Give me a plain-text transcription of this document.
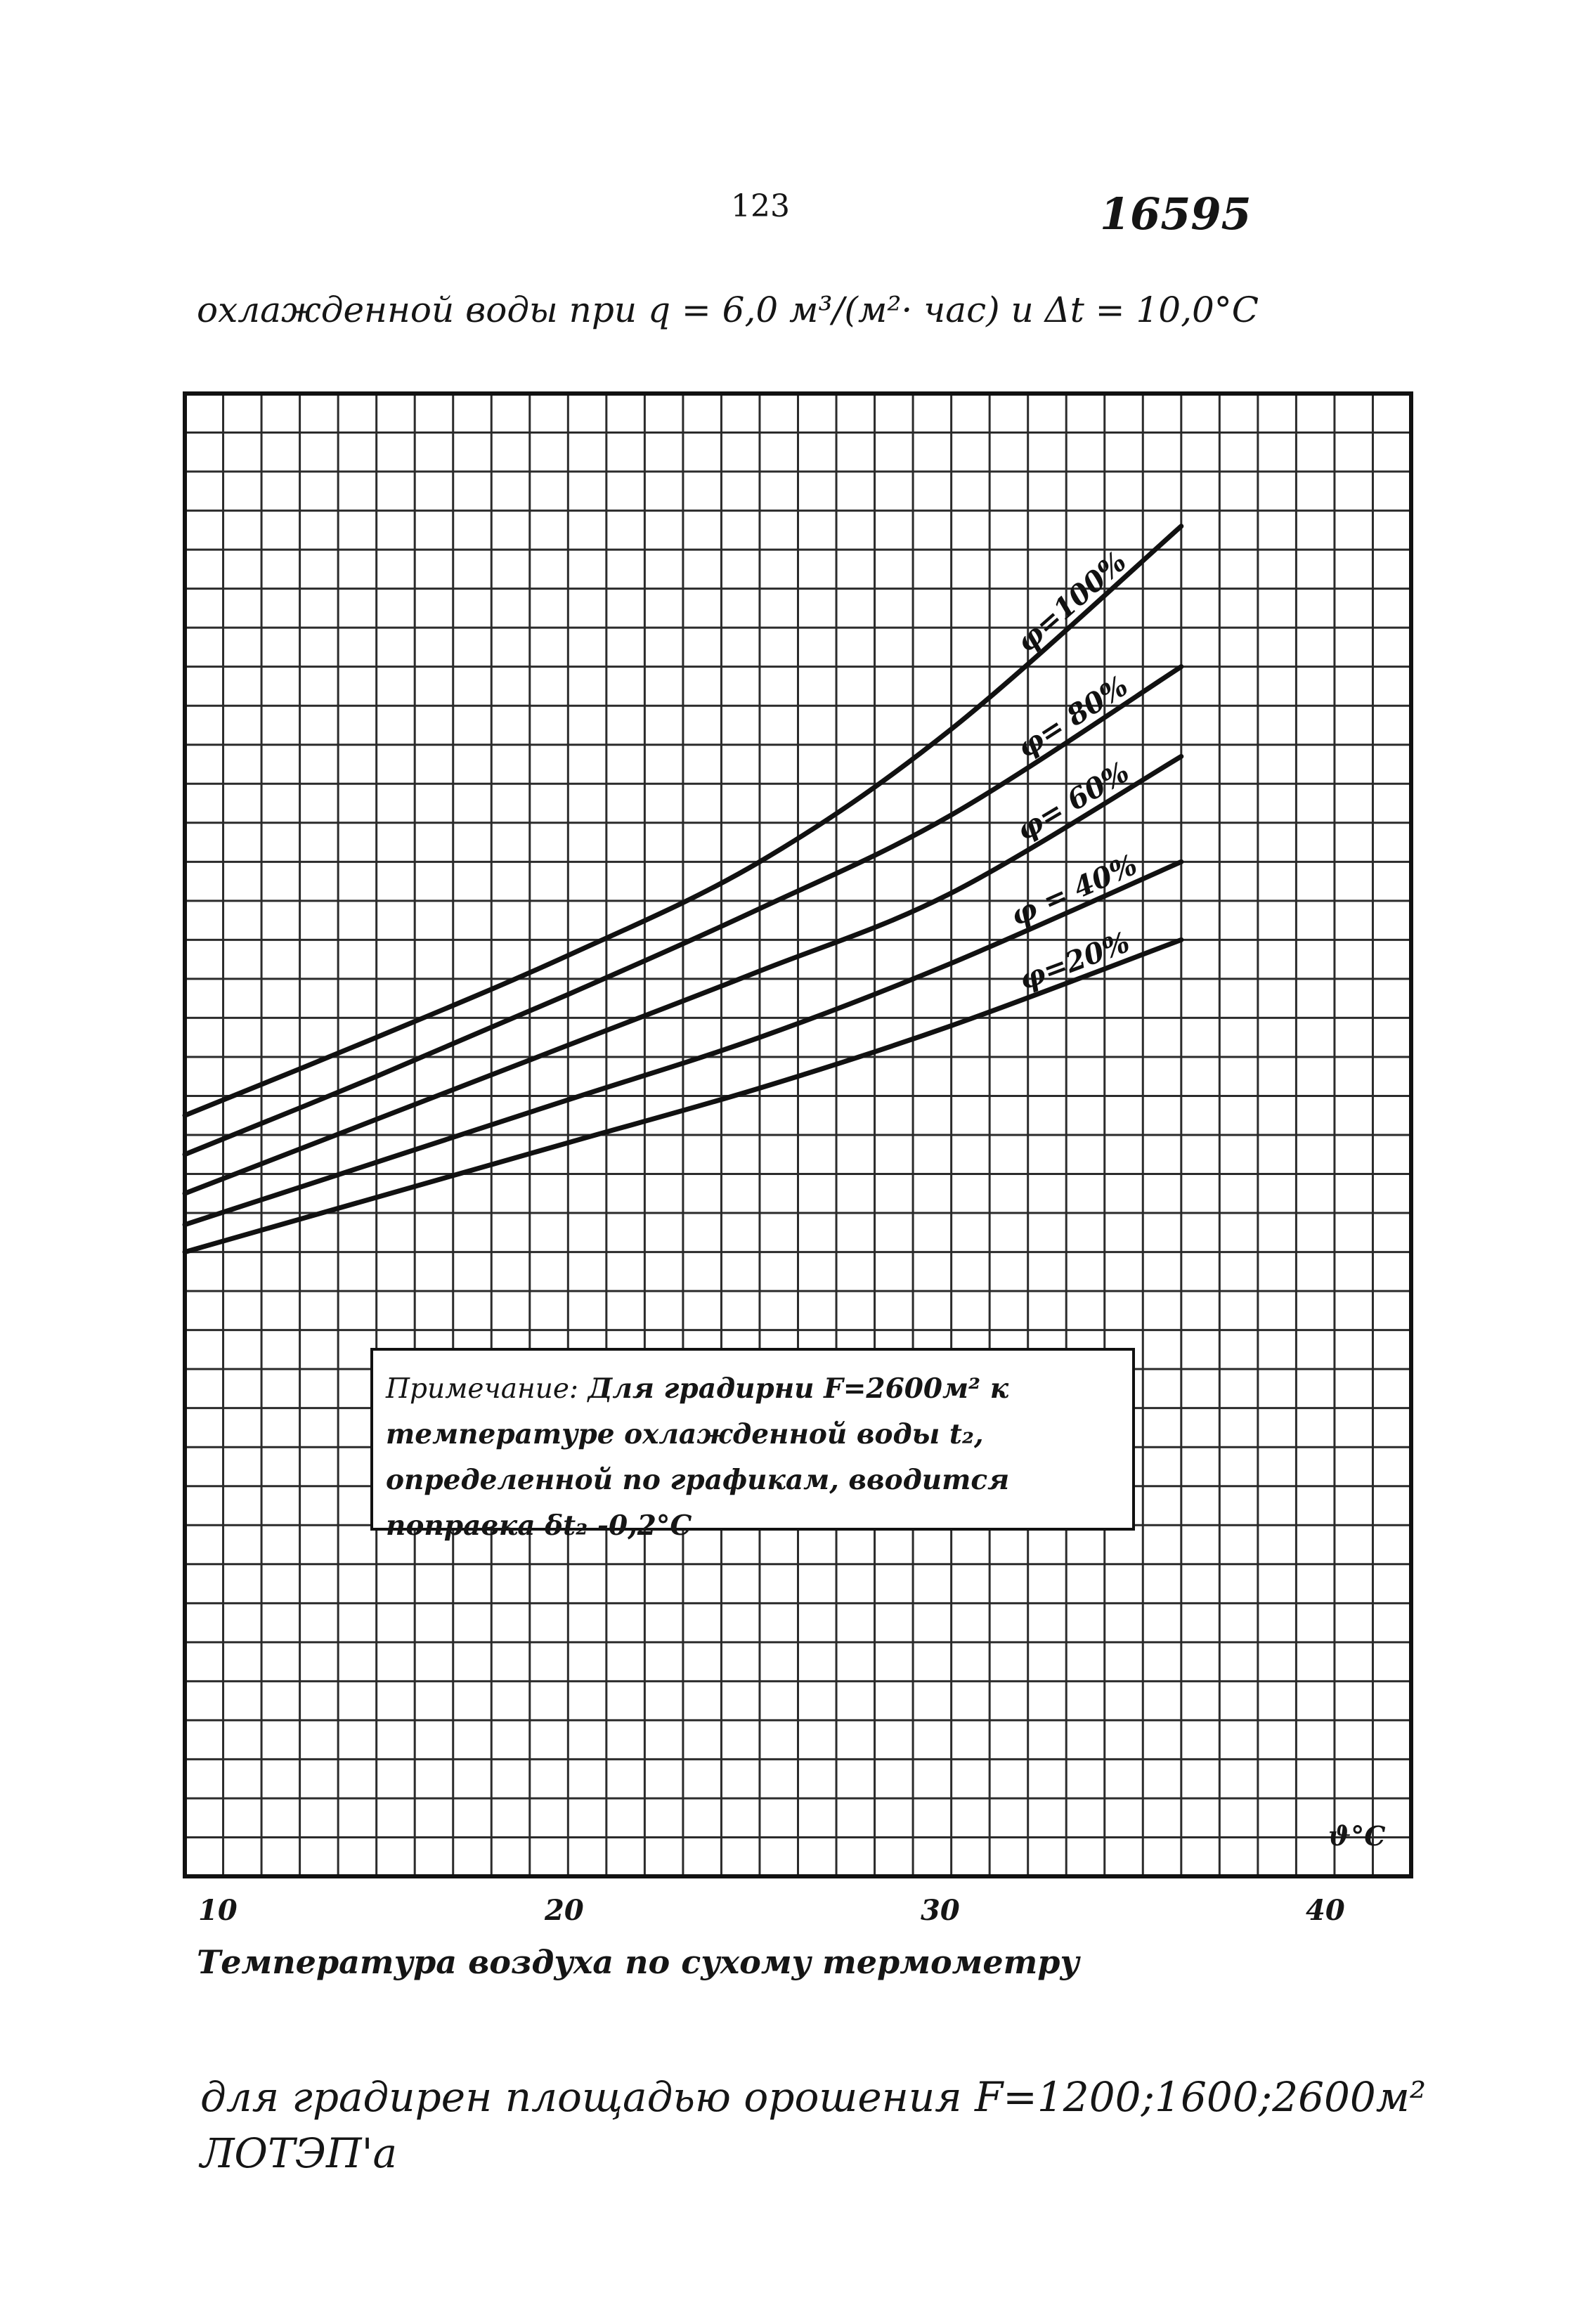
123	16595
охлажденной воды при q = 6,0 м³/(м²· час) и Δt = 10,0°С
φ=100%
φ= 80%
φ= 60%
φ = 40%
φ=20%
Примечание: Для градирни F=2600м² к температуре охлажденной воды t₂, определенной по графикам, вводится поправка δt₂ -0,2°С
10	20	30	40
ϑ°С
Температура воздуха по сухому термометру
для градирен площадью орошения F=1200;1600;2600м²
ЛОТЭП'а
